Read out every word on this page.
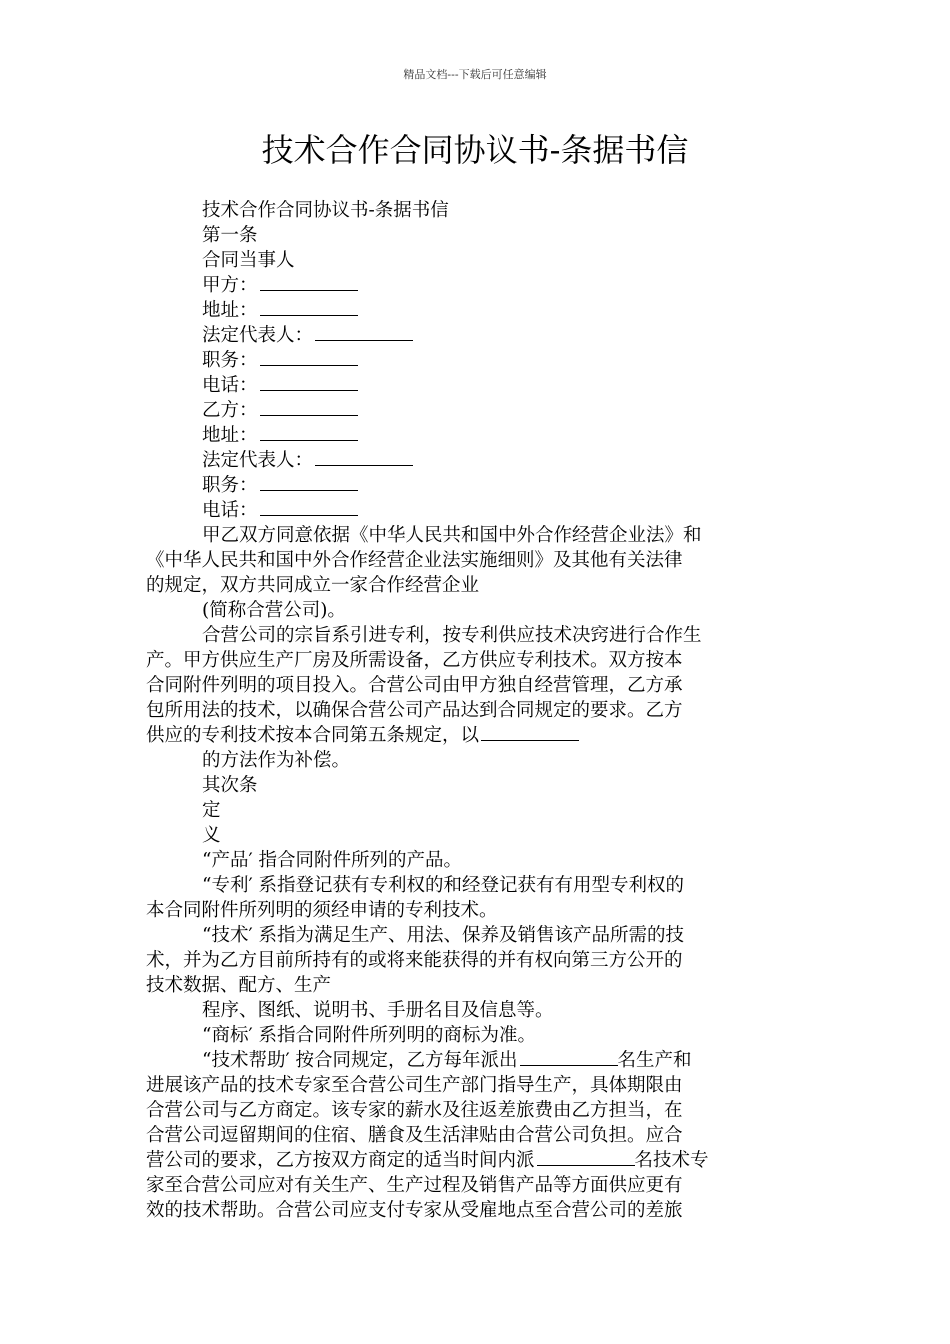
精品文档---下载后可任意编辑
技术合作合同协议书-条据书信
技术合作合同协议书-条据书信
第一条
合同当事人
甲方：
地址：
法定代表人：
职务：
电话：
乙方：
地址：
法定代表人：
职务：
电话：
甲乙双方同意依据《中华人民共和国中外合作经营企业法》和
《中华人民共和国中外合作经营企业法实施细则》及其他有关法律
的规定，双方共同成立一家合作经营企业
(简称合营公司)。
合营公司的宗旨系引进专利，按专利供应技术决窍进行合作生
产。甲方供应生产厂房及所需设备，乙方供应专利技术。双方按本
合同附件列明的项目投入。合营公司由甲方独自经营管理，乙方承
包所用法的技术，以确保合营公司产品达到合同规定的要求。乙方
供应的专利技术按本合同第五条规定，以
的方法作为补偿。
其次条
定
义
“产品′ 指合同附件所列的产品。
“专利′ 系指登记获有专利权的和经登记获有有用型专利权的
本合同附件所列明的须经申请的专利技术。
“技术′ 系指为满足生产、用法、保养及销售该产品所需的技
术，并为乙方目前所持有的或将来能获得的并有权向第三方公开的
技术数据、配方、生产
程序、图纸、说明书、手册名目及信息等。
“商标′ 系指合同附件所列明的商标为准。
“技术帮助′ 按合同规定，乙方每年派出	名生产和
进展该产品的技术专家至合营公司生产部门指导生产，具体期限由
合营公司与乙方商定。该专家的薪水及往返差旅费由乙方担当，在
合营公司逗留期间的住宿、膳食及生活津贴由合营公司负担。应合
营公司的要求，乙方按双方商定的适当时间内派	名技术专
家至合营公司应对有关生产、生产过程及销售产品等方面供应更有
效的技术帮助。合营公司应支付专家从受雇地点至合营公司的差旅
